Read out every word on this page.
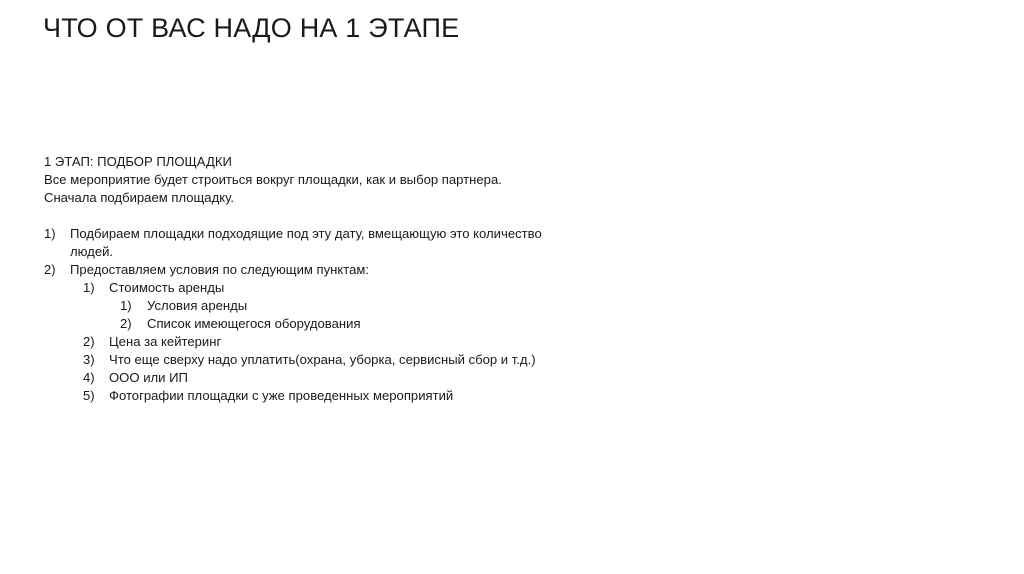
ЧТО ОТ ВАС НАДО НА 1 ЭТАПЕ
1 ЭТАП: ПОДБОР ПЛОЩАДКИ
Все мероприятие будет строиться вокруг площадки, как и выбор партнера.
Сначала подбираем площадку.
1)	Подбираем площадки подходящие под эту дату, вмещающую это количество людей.
2)	Предоставляем условия по следующим пунктам:
1)	Стоимость аренды
1)	Условия аренды
2)	Список имеющегося оборудования
2)	Цена за кейтеринг
3)	Что еще сверху надо уплатить(охрана, уборка, сервисный сбор и т.д.)
4)	ООО или ИП
5)	Фотографии площадки с уже проведенных мероприятий
